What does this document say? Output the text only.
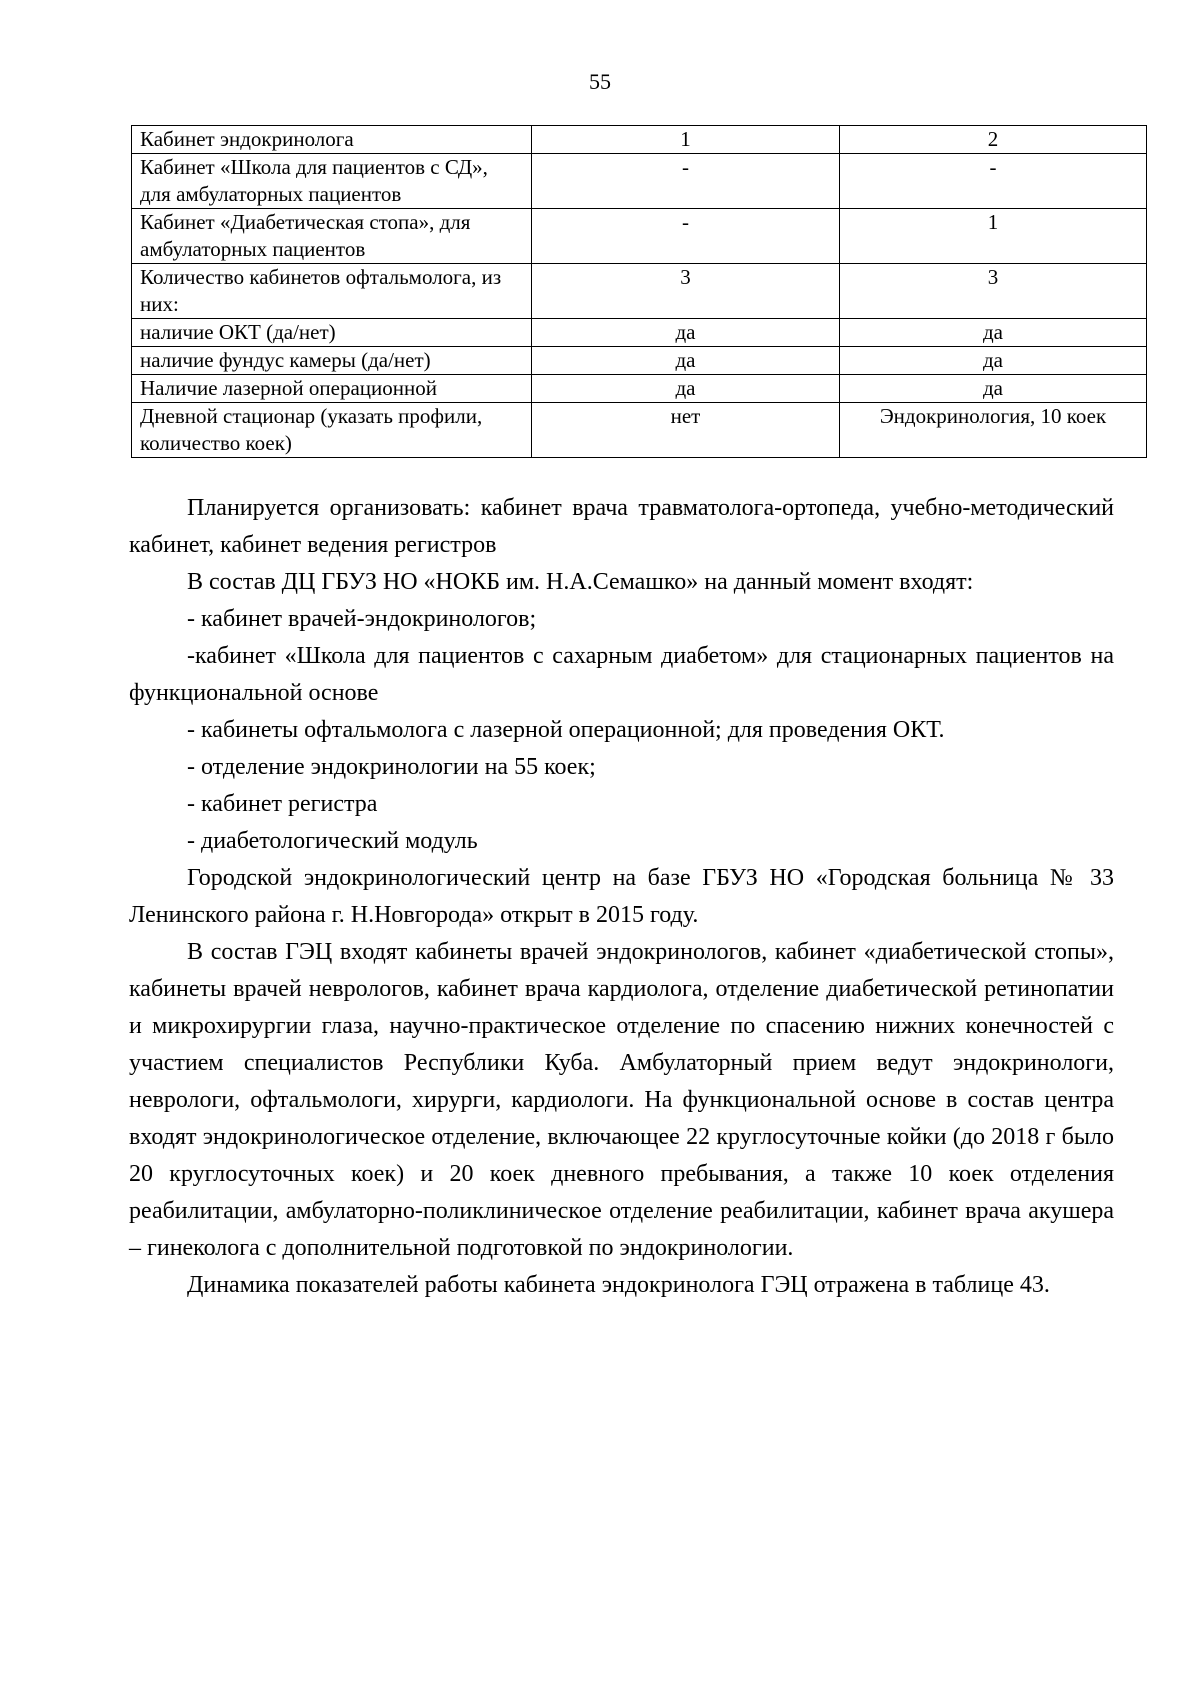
55
Кабинет эндокринолога	1	2
Кабинет «Школа для пациентов с СД», для амбулаторных пациентов	-	-
Кабинет «Диабетическая стопа», для амбулаторных пациентов	-	1
Количество кабинетов офтальмолога, из них:	3	3
наличие ОКТ (да/нет)	да	да
наличие фундус камеры (да/нет)	да	да
Наличие лазерной операционной	да	да
Дневной стационар (указать профили, количество коек)	нет	Эндокринология, 10 коек

Планируется организовать: кабинет врача травматолога-ортопеда, учебно-методический кабинет, кабинет ведения регистров

В состав ДЦ ГБУЗ НО «НОКБ им. Н.А.Семашко» на данный момент входят:

- кабинет врачей-эндокринологов;

-кабинет «Школа для пациентов с сахарным диабетом» для стационарных пациентов на функциональной основе

- кабинеты офтальмолога с лазерной операционной; для проведения ОКТ.

- отделение эндокринологии на 55 коек;

- кабинет регистра

- диабетологический модуль

Городской эндокринологический центр на базе ГБУЗ НО «Городская больница № 33 Ленинского района г. Н.Новгорода» открыт в 2015 году.

В состав ГЭЦ входят кабинеты врачей эндокринологов, кабинет «диабетической стопы», кабинеты врачей неврологов, кабинет врача кардиолога, отделение диабетической ретинопатии и микрохирургии глаза, научно-практическое отделение по спасению нижних конечностей с участием специалистов Республики Куба. Амбулаторный прием ведут эндокринологи, неврологи, офтальмологи, хирурги, кардиологи. На функциональной основе в состав центра входят эндокринологическое отделение, включающее 22 круглосуточные койки (до 2018 г было 20 круглосуточных коек) и 20 коек дневного пребывания, а также 10 коек отделения реабилитации, амбулаторно-поликлиническое отделение реабилитации, кабинет врача акушера – гинеколога с дополнительной подготовкой по эндокринологии.

Динамика показателей работы кабинета эндокринолога ГЭЦ отражена в таблице 43.
